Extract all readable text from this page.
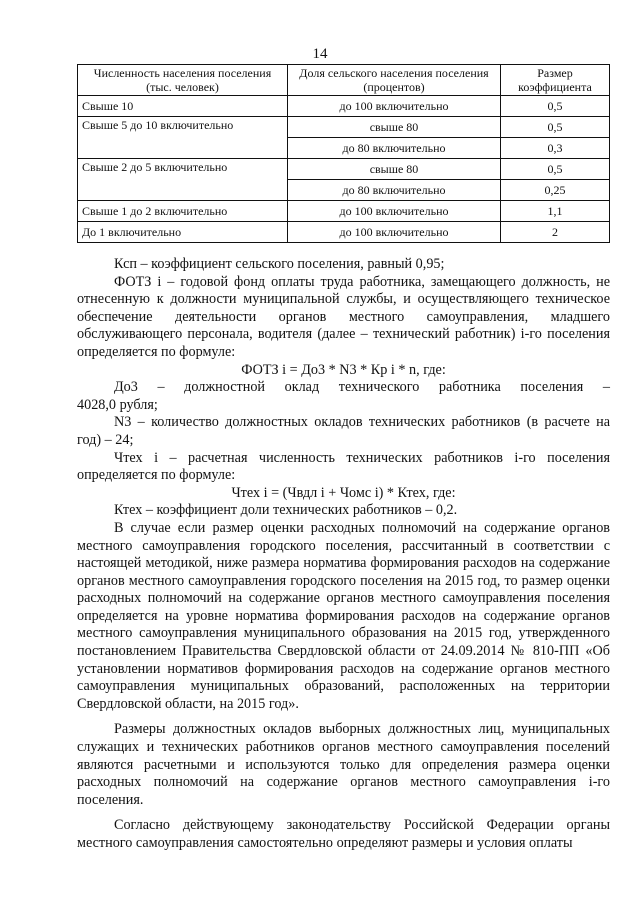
14
Численность населения поселения (тыс. человек)	Доля сельского населения поселения (процентов)	Размер коэффициента
Свыше 10	до 100 включительно	0,5
Свыше 5 до 10 включительно	свыше 80	0,5
	до 80 включительно	0,3
Свыше 2 до 5 включительно	свыше 80	0,5
	до 80 включительно	0,25
Свыше 1 до 2 включительно	до 100 включительно	1,1
До 1 включительно	до 100 включительно	2

Ксп – коэффициент сельского поселения, равный 0,95;

ФОТЗ i – годовой фонд оплаты труда работника, замещающего должность, не отнесенную к должности муниципальной службы, и осуществляющего техническое обеспечение деятельности органов местного самоуправления, младшего обслуживающего персонала, водителя (далее – технический работник) i-го поселения определяется по формуле:

ФОТЗ i = Дo3 * N3 * Кр i * n, где:

Дo3 – должностной оклад технического работника поселения –

4028,0 рубля;

N3 – количество должностных окладов технических работников (в расчете на год) – 24;

Чтех i – расчетная численность технических работников i-го поселения определяется по формуле:

Чтех i = (Чвдл i + Чомс i) * Ктех, где:

Ктех – коэффициент доли технических работников – 0,2.

В случае если размер оценки расходных полномочий на содержание органов местного самоуправления городского поселения, рассчитанный в соответствии с настоящей методикой, ниже размера норматива формирования расходов на содержание органов местного самоуправления городского поселения на 2015 год, то размер оценки расходных полномочий на содержание органов местного самоуправления поселения определяется на уровне норматива формирования расходов на содержание органов местного самоуправления муниципального образования на 2015 год, утвержденного постановлением Правительства Свердловской области от 24.09.2014 № 810-ПП «Об установлении нормативов формирования расходов на содержание органов местного самоуправления муниципальных образований, расположенных на территории Свердловской области, на 2015 год».

Размеры должностных окладов выборных должностных лиц, муниципальных служащих и технических работников органов местного самоуправления поселений являются расчетными и используются только для определения размера оценки расходных полномочий на содержание органов местного самоуправления i-го поселения.

Согласно действующему законодательству Российской Федерации органы местного самоуправления самостоятельно определяют размеры и условия оплаты
